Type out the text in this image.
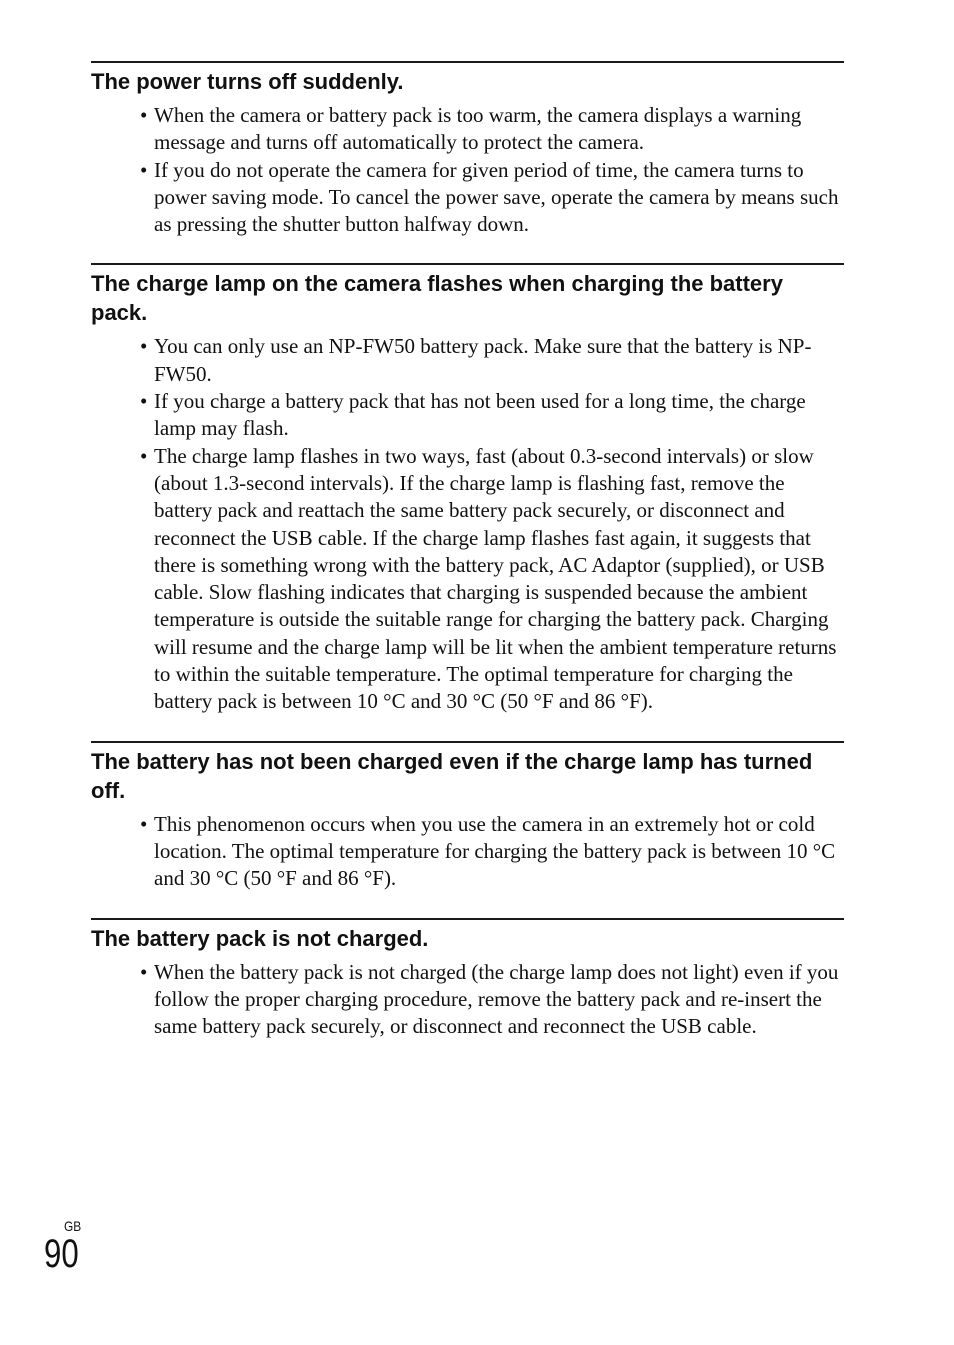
The power turns off suddenly.
• When the camera or battery pack is too warm, the camera displays a warning message and turns off automatically to protect the camera.
• If you do not operate the camera for given period of time, the camera turns to power saving mode. To cancel the power save, operate the camera by means such as pressing the shutter button halfway down.
The charge lamp on the camera flashes when charging the battery pack.
• You can only use an NP-FW50 battery pack. Make sure that the battery is NP-FW50.
• If you charge a battery pack that has not been used for a long time, the charge lamp may flash.
• The charge lamp flashes in two ways, fast (about 0.3-second intervals) or slow (about 1.3-second intervals). If the charge lamp is flashing fast, remove the battery pack and reattach the same battery pack securely, or disconnect and reconnect the USB cable. If the charge lamp flashes fast again, it suggests that there is something wrong with the battery pack, AC Adaptor (supplied), or USB cable. Slow flashing indicates that charging is suspended because the ambient temperature is outside the suitable range for charging the battery pack. Charging will resume and the charge lamp will be lit when the ambient temperature returns to within the suitable temperature. The optimal temperature for charging the battery pack is between 10 °C and 30 °C (50 °F and 86 °F).
The battery has not been charged even if the charge lamp has turned off.
• This phenomenon occurs when you use the camera in an extremely hot or cold location. The optimal temperature for charging the battery pack is between 10 °C and 30 °C (50 °F and 86 °F).
The battery pack is not charged.
• When the battery pack is not charged (the charge lamp does not light) even if you follow the proper charging procedure, remove the battery pack and re-insert the same battery pack securely, or disconnect and reconnect the USB cable.
GB
90
